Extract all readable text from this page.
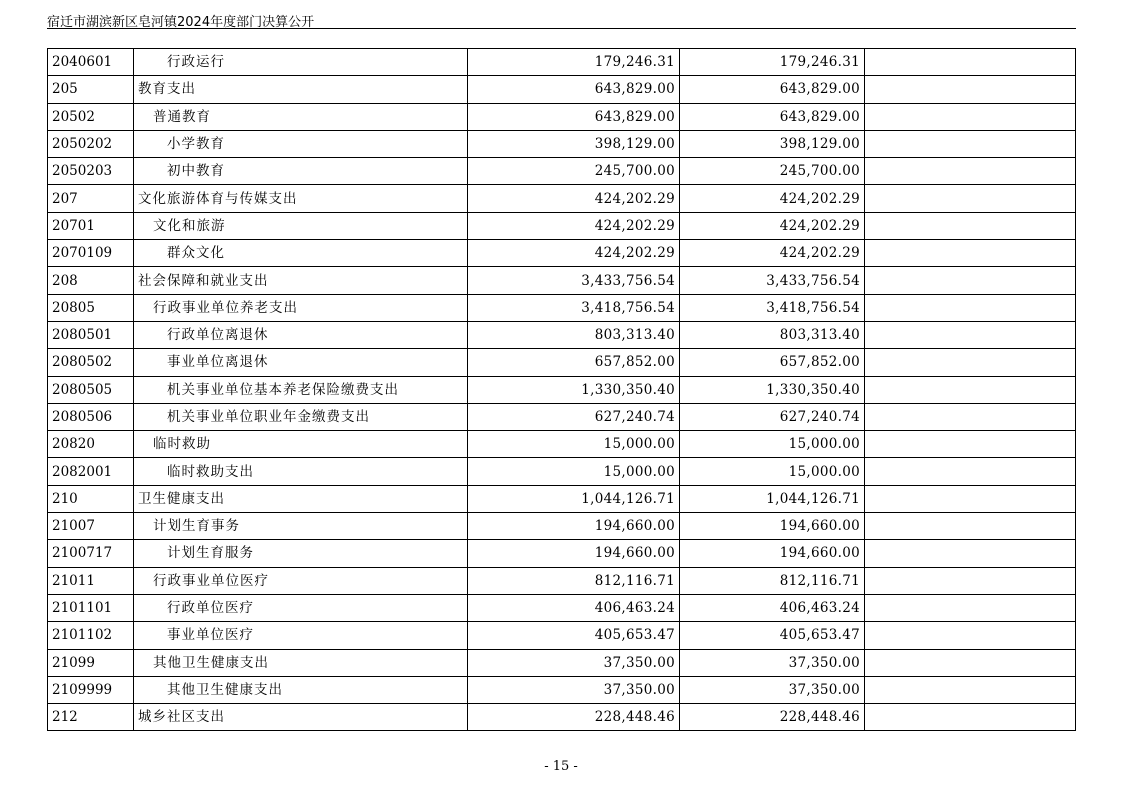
宿迁市湖滨新区皂河镇2024年度部门决算公开
2040601	行政运行	179,246.31	179,246.31	
205	教育支出	643,829.00	643,829.00	
20502	普通教育	643,829.00	643,829.00	
2050202	小学教育	398,129.00	398,129.00	
2050203	初中教育	245,700.00	245,700.00	
207	文化旅游体育与传媒支出	424,202.29	424,202.29	
20701	文化和旅游	424,202.29	424,202.29	
2070109	群众文化	424,202.29	424,202.29	
208	社会保障和就业支出	3,433,756.54	3,433,756.54	
20805	行政事业单位养老支出	3,418,756.54	3,418,756.54	
2080501	行政单位离退休	803,313.40	803,313.40	
2080502	事业单位离退休	657,852.00	657,852.00	
2080505	机关事业单位基本养老保险缴费支出	1,330,350.40	1,330,350.40	
2080506	机关事业单位职业年金缴费支出	627,240.74	627,240.74	
20820	临时救助	15,000.00	15,000.00	
2082001	临时救助支出	15,000.00	15,000.00	
210	卫生健康支出	1,044,126.71	1,044,126.71	
21007	计划生育事务	194,660.00	194,660.00	
2100717	计划生育服务	194,660.00	194,660.00	
21011	行政事业单位医疗	812,116.71	812,116.71	
2101101	行政单位医疗	406,463.24	406,463.24	
2101102	事业单位医疗	405,653.47	405,653.47	
21099	其他卫生健康支出	37,350.00	37,350.00	
2109999	其他卫生健康支出	37,350.00	37,350.00	
212	城乡社区支出	228,448.46	228,448.46	
- 15 -
